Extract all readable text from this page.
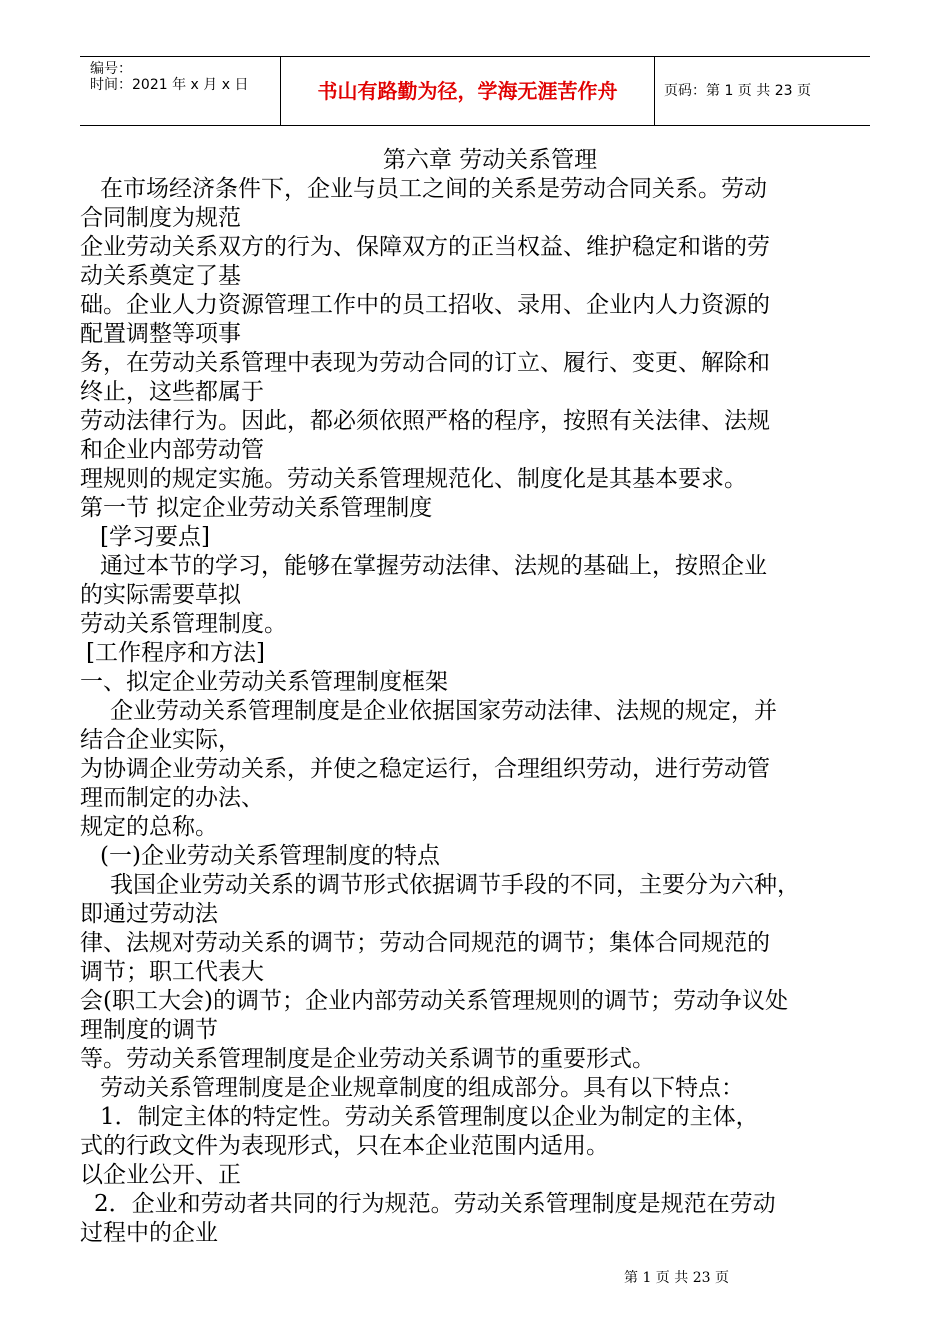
编号：
时间：2021 年 x 月 x 日	书山有路勤为径，学海无涯苦作舟	页码：第 1 页 共 23 页
第六章 劳动关系管理
在市场经济条件下，企业与员工之间的关系是劳动合同关系。劳动
合同制度为规范
企业劳动关系双方的行为、保障双方的正当权益、维护稳定和谐的劳
动关系奠定了基
础。企业人力资源管理工作中的员工招收、录用、企业内人力资源的
配置调整等项事
务，在劳动关系管理中表现为劳动合同的订立、履行、变更、解除和
终止，这些都属于
劳动法律行为。因此，都必须依照严格的程序，按照有关法律、法规
和企业内部劳动管
理规则的规定实施。劳动关系管理规范化、制度化是其基本要求。
第一节 拟定企业劳动关系管理制度
[学习要点]
通过本节的学习，能够在掌握劳动法律、法规的基础上，按照企业
的实际需要草拟
劳动关系管理制度。
[工作程序和方法]
一、拟定企业劳动关系管理制度框架
企业劳动关系管理制度是企业依据国家劳动法律、法规的规定，并
结合企业实际，
为协调企业劳动关系，并使之稳定运行，合理组织劳动，进行劳动管
理而制定的办法、
规定的总称。
(一)企业劳动关系管理制度的特点
我国企业劳动关系的调节形式依据调节手段的不同，主要分为六种，
即通过劳动法
律、法规对劳动关系的调节；劳动合同规范的调节；集体合同规范的
调节；职工代表大
会(职工大会)的调节；企业内部劳动关系管理规则的调节；劳动争议处
理制度的调节
等。劳动关系管理制度是企业劳动关系调节的重要形式。
劳动关系管理制度是企业规章制度的组成部分。具有以下特点：
1．制定主体的特定性。劳动关系管理制度以企业为制定的主体，
式的行政文件为表现形式，只在本企业范围内适用。
以企业公开、正
2．企业和劳动者共同的行为规范。劳动关系管理制度是规范在劳动
过程中的企业
第 1 页 共 23 页
